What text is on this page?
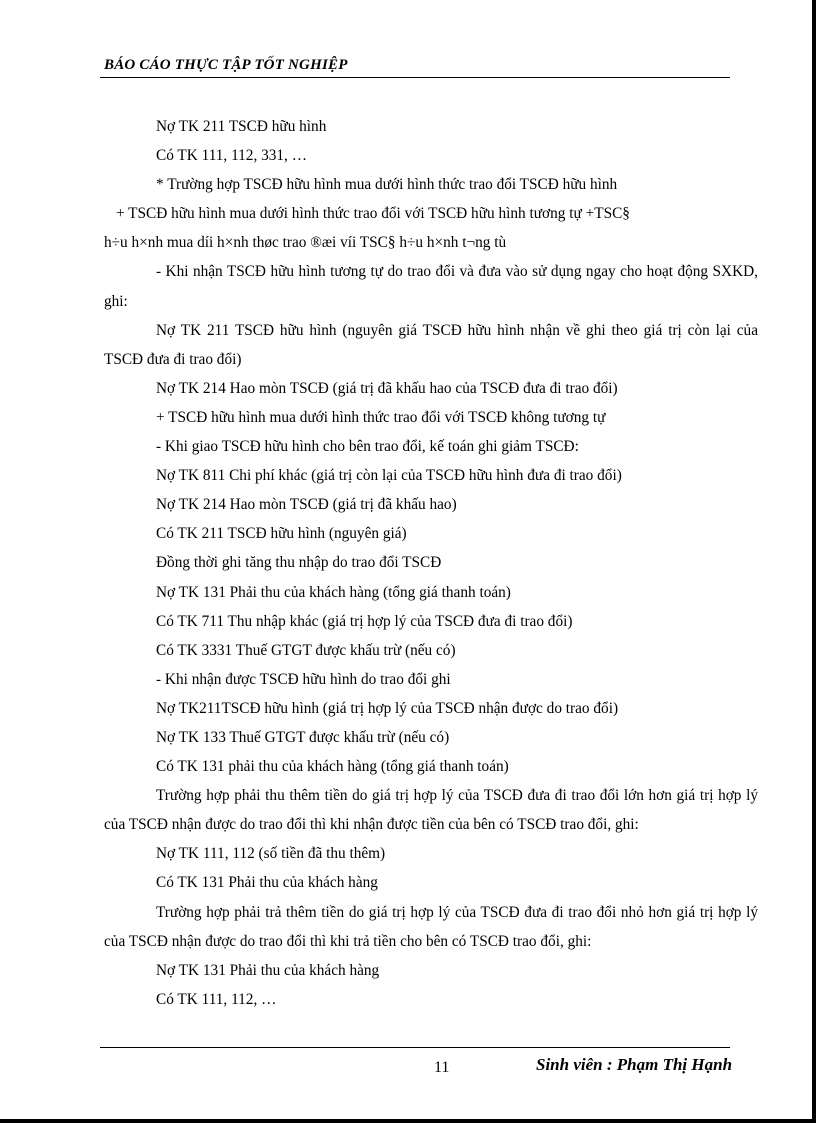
BÁO CÁO THỰC TẬP TỐT NGHIỆP
Nợ TK 211 TSCĐ hữu hình
Có TK 111, 112, 331, …
* Trường hợp TSCĐ hữu hình mua dưới hình thức trao đổi TSCĐ hữu hình
+ TSCĐ hữu hình mua dưới hình thức trao đổi với TSCĐ hữu hình tương tự +TSC§
h÷u h×nh mua díi h×nh thøc trao ®æi víi TSC§ h÷u h×nh t¬ng tù
- Khi nhận TSCĐ hữu hình tương tự do trao đổi và đưa vào sử dụng ngay cho hoạt động SXKD, ghi:
Nợ TK 211 TSCĐ hữu hình (nguyên giá TSCĐ hữu hình nhận về ghi theo giá trị còn lại của TSCĐ đưa đi trao đổi)
Nợ TK 214 Hao mòn TSCĐ (giá trị đã khấu hao của TSCĐ đưa đi trao đổi)
+ TSCĐ hữu hình mua dưới hình thức trao đổi với TSCĐ không tương tự
- Khi giao TSCĐ hữu hình cho bên trao đổi, kế toán ghi giảm TSCĐ:
Nợ TK 811 Chi phí khác (giá trị còn lại của TSCĐ hữu hình đưa đi trao đổi)
Nợ TK 214 Hao mòn TSCĐ (giá trị đã khấu hao)
Có TK 211 TSCĐ hữu hình (nguyên giá)
Đồng thời ghi tăng thu nhập do trao đổi TSCĐ
Nợ TK 131 Phải thu của khách hàng (tổng giá thanh toán)
Có TK 711 Thu nhập khác (giá trị hợp lý của TSCĐ đưa đi trao đổi)
Có TK 3331 Thuế GTGT được khấu trừ (nếu có)
- Khi nhận được TSCĐ hữu hình do trao đổi ghi
Nợ TK211TSCĐ hữu hình (giá trị hợp lý của TSCĐ nhận được do trao đổi)
Nợ TK 133 Thuế GTGT được khấu trừ (nếu có)
Có TK 131 phải thu của khách hàng (tổng giá thanh toán)
Trường hợp phải thu thêm tiền do giá trị hợp lý của TSCĐ đưa đi trao đổi lớn hơn giá trị hợp lý của TSCĐ nhận được do trao đổi thì khi nhận được tiền của bên có TSCĐ trao đổi, ghi:
Nợ TK 111, 112 (số tiền đã thu thêm)
Có TK 131 Phải thu của khách hàng
Trường hợp phải trả thêm tiền do giá trị hợp lý của TSCĐ đưa đi trao đổi nhỏ hơn giá trị hợp lý của TSCĐ nhận được do trao đổi thì khi trả tiền cho bên có TSCĐ trao đổi, ghi:
Nợ TK 131 Phải thu của khách hàng
Có TK 111, 112, …
11	Sinh viên : Phạm Thị Hạnh
